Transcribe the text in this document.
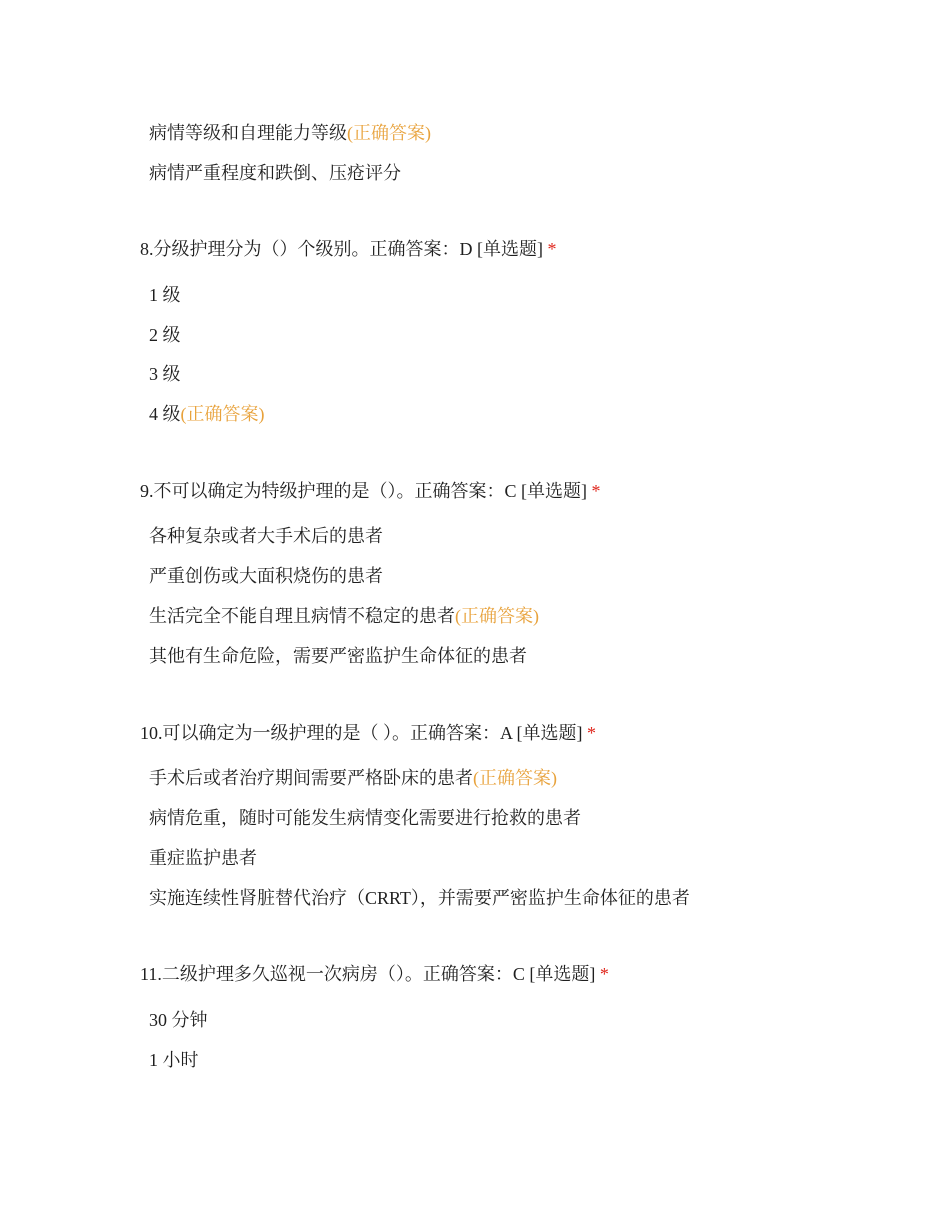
病情等级和自理能力等级(正确答案)
病情严重程度和跌倒、压疮评分
8.分级护理分为（）个级别。正确答案：D [单选题] *
1 级
2 级
3 级
4 级(正确答案)
9.不可以确定为特级护理的是（）。正确答案：C [单选题] *
各种复杂或者大手术后的患者
严重创伤或大面积烧伤的患者
生活完全不能自理且病情不稳定的患者(正确答案)
其他有生命危险，需要严密监护生命体征的患者
10.可以确定为一级护理的是（ ）。正确答案：A [单选题] *
手术后或者治疗期间需要严格卧床的患者(正确答案)
病情危重，随时可能发生病情变化需要进行抢救的患者
重症监护患者
实施连续性肾脏替代治疗（CRRT），并需要严密监护生命体征的患者
11.二级护理多久巡视一次病房（）。正确答案：C [单选题] *
30 分钟
1 小时
